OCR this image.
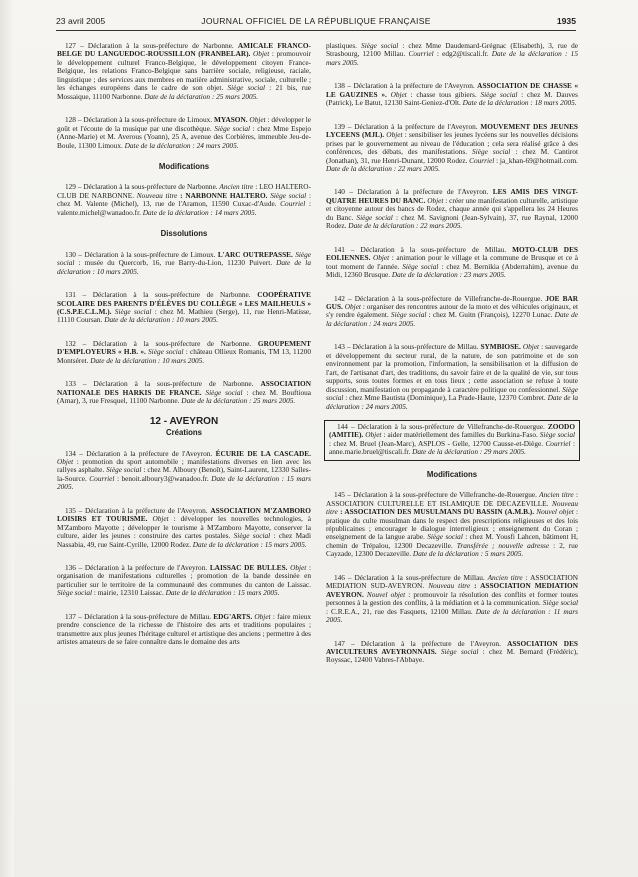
23 avril 2005	JOURNAL OFFICIEL DE LA RÉPUBLIQUE FRANÇAISE	1935

127 – Déclaration à la sous-préfecture de Narbonne. AMICALE FRANCO-BELGE DU LANGUEDOC-ROUSSILLON (FRANBELAR). Objet : promouvoir le développement culturel Franco-Belgique, le développement citoyen France-Belgique, les relations Franco-Belgique sans barrière sociale, religieuse, raciale, linguistique ; des services aux membres en matière administrative, sociale, culturelle ; les échanges européens dans le cadre de son objet. Siège social : 21 bis, rue Mossaique, 11100 Narbonne. Date de la déclaration : 25 mars 2005.

128 – Déclaration à la sous-préfecture de Limoux. MYASON. Objet : développer le goût et l'écoute de la musique par une discothèque. Siège social : chez Mme Espejo (Anne-Marie) et M. Averous (Yoann), 25 A, avenue des Corbières, immeuble Jeu-de-Boule, 11300 Limoux. Date de la déclaration : 24 mars 2005.

Modifications

129 – Déclaration à la sous-préfecture de Narbonne. Ancien titre : LEO HALTERO-CLUB DE NARBONNE. Nouveau titre : NARBONNE HALTERO. Siège social : chez M. Valente (Michel), 13, rue de l'Aramon, 11590 Cuxac-d'Aude. Courriel : valente.michel@wanadoo.fr. Date de la déclaration : 14 mars 2005.

Dissolutions

130 – Déclaration à la sous-préfecture de Limoux. L'ARC OUTREPASSE. Siège social : musée du Quercorb, 16, rue Barry-du-Lion, 11230 Puivert. Date de la déclaration : 10 mars 2005.

131 – Déclaration à la sous-préfecture de Narbonne. COOPÉRATIVE SCOLAIRE DES PARENTS D'ÉLÈVES DU COLLÈGE « LES MAILHEULS » (C.S.P.E.C.L.M.). Siège social : chez M. Mathieu (Serge), 11, rue Henri-Matisse, 11110 Coursan. Date de la déclaration : 10 mars 2005.

132 – Déclaration à la sous-préfecture de Narbonne. GROUPEMENT D'EMPLOYEURS « H.B. ». Siège social : château Ollieux Romanis, TM 13, 11200 Montséret. Date de la déclaration : 10 mars 2005.

133 – Déclaration à la sous-préfecture de Narbonne. ASSOCIATION NATIONALE DES HARKIS DE FRANCE. Siège social : chez M. Bouftioua (Amar), 3, rue Fresquel, 11100 Narbonne. Date de la déclaration : 25 mars 2005.

12 - AVEYRON
Créations

134 – Déclaration à la préfecture de l'Aveyron. ÉCURIE DE LA CASCADE. Objet : promotion du sport automobile ; manifestations diverses en lien avec les rallyes asphalte. Siège social : chez M. Alboury (Benoît), Saint-Laurent, 12330 Salles-la-Source. Courriel : benoit.alboury3@wanadoo.fr. Date de la déclaration : 15 mars 2005.

135 – Déclaration à la préfecture de l'Aveyron. ASSOCIATION M'ZAMBORO LOISIRS ET TOURISME. Objet : développer les nouvelles technologies, à M'Zamboro Mayotte ; développer le tourisme à M'Zamboro Mayotte, conserver la culture, aider les jeunes : construire des cartes postales. Siège social : chez Madi Nassabia, 49, rue Saint-Cyrille, 12000 Rodez. Date de la déclaration : 15 mars 2005.

136 – Déclaration à la préfecture de l'Aveyron. LAISSAC DE BULLES. Objet : organisation de manifestations culturelles ; promotion de la bande dessinée en particulier sur le territoire de la communauté des communes du canton de Laissac. Siège social : mairie, 12310 Laissac. Date de la déclaration : 15 mars 2005.

137 – Déclaration à la sous-préfecture de Millau. EDG'ARTS. Objet : faire mieux prendre conscience de la richesse de l'histoire des arts et traditions populaires ; transmettre aux plus jeunes l'héritage culturel et artistique des anciens ; permettre à des artistes amateurs de se faire connaître dans le domaine des arts

plastiques. Siège social : chez Mme Daudemard-Grégnac (Elisabeth), 3, rue de Strasbourg, 12100 Millau. Courriel : edg2@tiscali.fr. Date de la déclaration : 15 mars 2005.

138 – Déclaration à la préfecture de l'Aveyron. ASSOCIATION DE CHASSE « LE GAUZINES ». Objet : chasse tous gibiers. Siège social : chez M. Dauves (Patrick), Le Batut, 12130 Saint-Geniez-d'Olt. Date de la déclaration : 18 mars 2005.

139 – Déclaration à la préfecture de l'Aveyron. MOUVEMENT DES JEUNES LYCEENS (MJL). Objet : sensibiliser les jeunes lycéens sur les nouvelles décisions prises par le gouvernement au niveau de l'éducation ; cela sera réalisé grâce à des conférences, des débats, des manifestations. Siège social : chez M. Cantirot (Jonathan), 31, rue Henri-Dunant, 12000 Rodez. Courriel : ja_khan-69@hotmail.com. Date de la déclaration : 22 mars 2005.

140 – Déclaration à la préfecture de l'Aveyron. LES AMIS DES VINGT-QUATRE HEURES DU BANC. Objet : créer une manifestation culturelle, artistique et citoyenne autour des bancs de Rodez, chaque année qui s'appellera les 24 Heures du Banc. Siège social : chez M. Savignoni (Jean-Sylvain), 37, rue Raynal, 12000 Rodez. Date de la déclaration : 22 mars 2005.

141 – Déclaration à la sous-préfecture de Millau. MOTO-CLUB DES EOLIENNES. Objet : animation pour le village et la commune de Brusque et ce à tout moment de l'année. Siège social : chez M. Bernikia (Abderrahim), avenue du Midi, 12360 Brusque. Date de la déclaration : 23 mars 2005.

142 – Déclaration à la sous-préfecture de Villefranche-de-Rouergue. JOE BAR GUS. Objet : organiser des rencontres autour de la moto et des véhicules originaux, et s'y rendre également. Siège social : chez M. Guitn (François), 12270 Lunac. Date de la déclaration : 24 mars 2005.

143 – Déclaration à la sous-préfecture de Millau. SYMBIOSE. Objet : sauvegarde et développement du secteur rural, de la nature, de son patrimoine et de son environnement par la promotion, l'information, la sensibilisation et la diffusion de l'art, de l'artisanat d'art, des traditions, du savoir faire et de la qualité de vie, sur tous supports, sous toutes formes et en tous lieux ; cette association se refuse à toute discussion, manifestation ou propagande à caractère politique ou confessionnel. Siège social : chez Mme Bautista (Dominique), La Prade-Haute, 12370 Combret. Date de la déclaration : 24 mars 2005.

144 – Déclaration à la sous-préfecture de Villefranche-de-Rouergue. ZOODO (AMITIE). Objet : aider matériellement des familles du Burkina-Faso. Siège social : chez M. Bruel (Jean-Marc), ASPLOS - Gelle, 12700 Causse-et-Diège. Courriel : anne.marie.bruel@tiscali.fr. Date de la déclaration : 29 mars 2005.

Modifications

145 – Déclaration à la sous-préfecture de Villefranche-de-Rouergue. Ancien titre : ASSOCIATION CULTURELLE ET ISLAMIQUE DE DECAZEVILLE. Nouveau titre : ASSOCIATION DES MUSULMANS DU BASSIN (A.M.B.). Nouvel objet : pratique du culte musulman dans le respect des prescriptions religieuses et des lois républicaines ; encourager le dialogue interreligieux ; enseignement du Coran ; enseignement de la langue arabe. Siège social : chez M. Yousfi Lahcen, bâtiment H, chemin de Trépalou, 12300 Decazeville. Transférée ; nouvelle adresse : 2, rue Cayzade, 12300 Decazeville. Date de la déclaration : 5 mars 2005.

146 – Déclaration à la sous-préfecture de Millau. Ancien titre : ASSOCIATION MEDIATION SUD-AVEYRON. Nouveau titre : ASSOCIATION MEDIATION AVEYRON. Nouvel objet : promouvoir la résolution des conflits et former toutes personnes à la gestion des conflits, à la médiation et à la communication. Siège social : C.R.E.A., 21, rue des Fasquets, 12100 Millau. Date de la déclaration : 11 mars 2005.

147 – Déclaration à la préfecture de l'Aveyron. ASSOCIATION DES AVICULTEURS AVEYRONNAIS. Siège social : chez M. Bernard (Frédéric), Royssac, 12400 Vabres-l'Abbaye.
